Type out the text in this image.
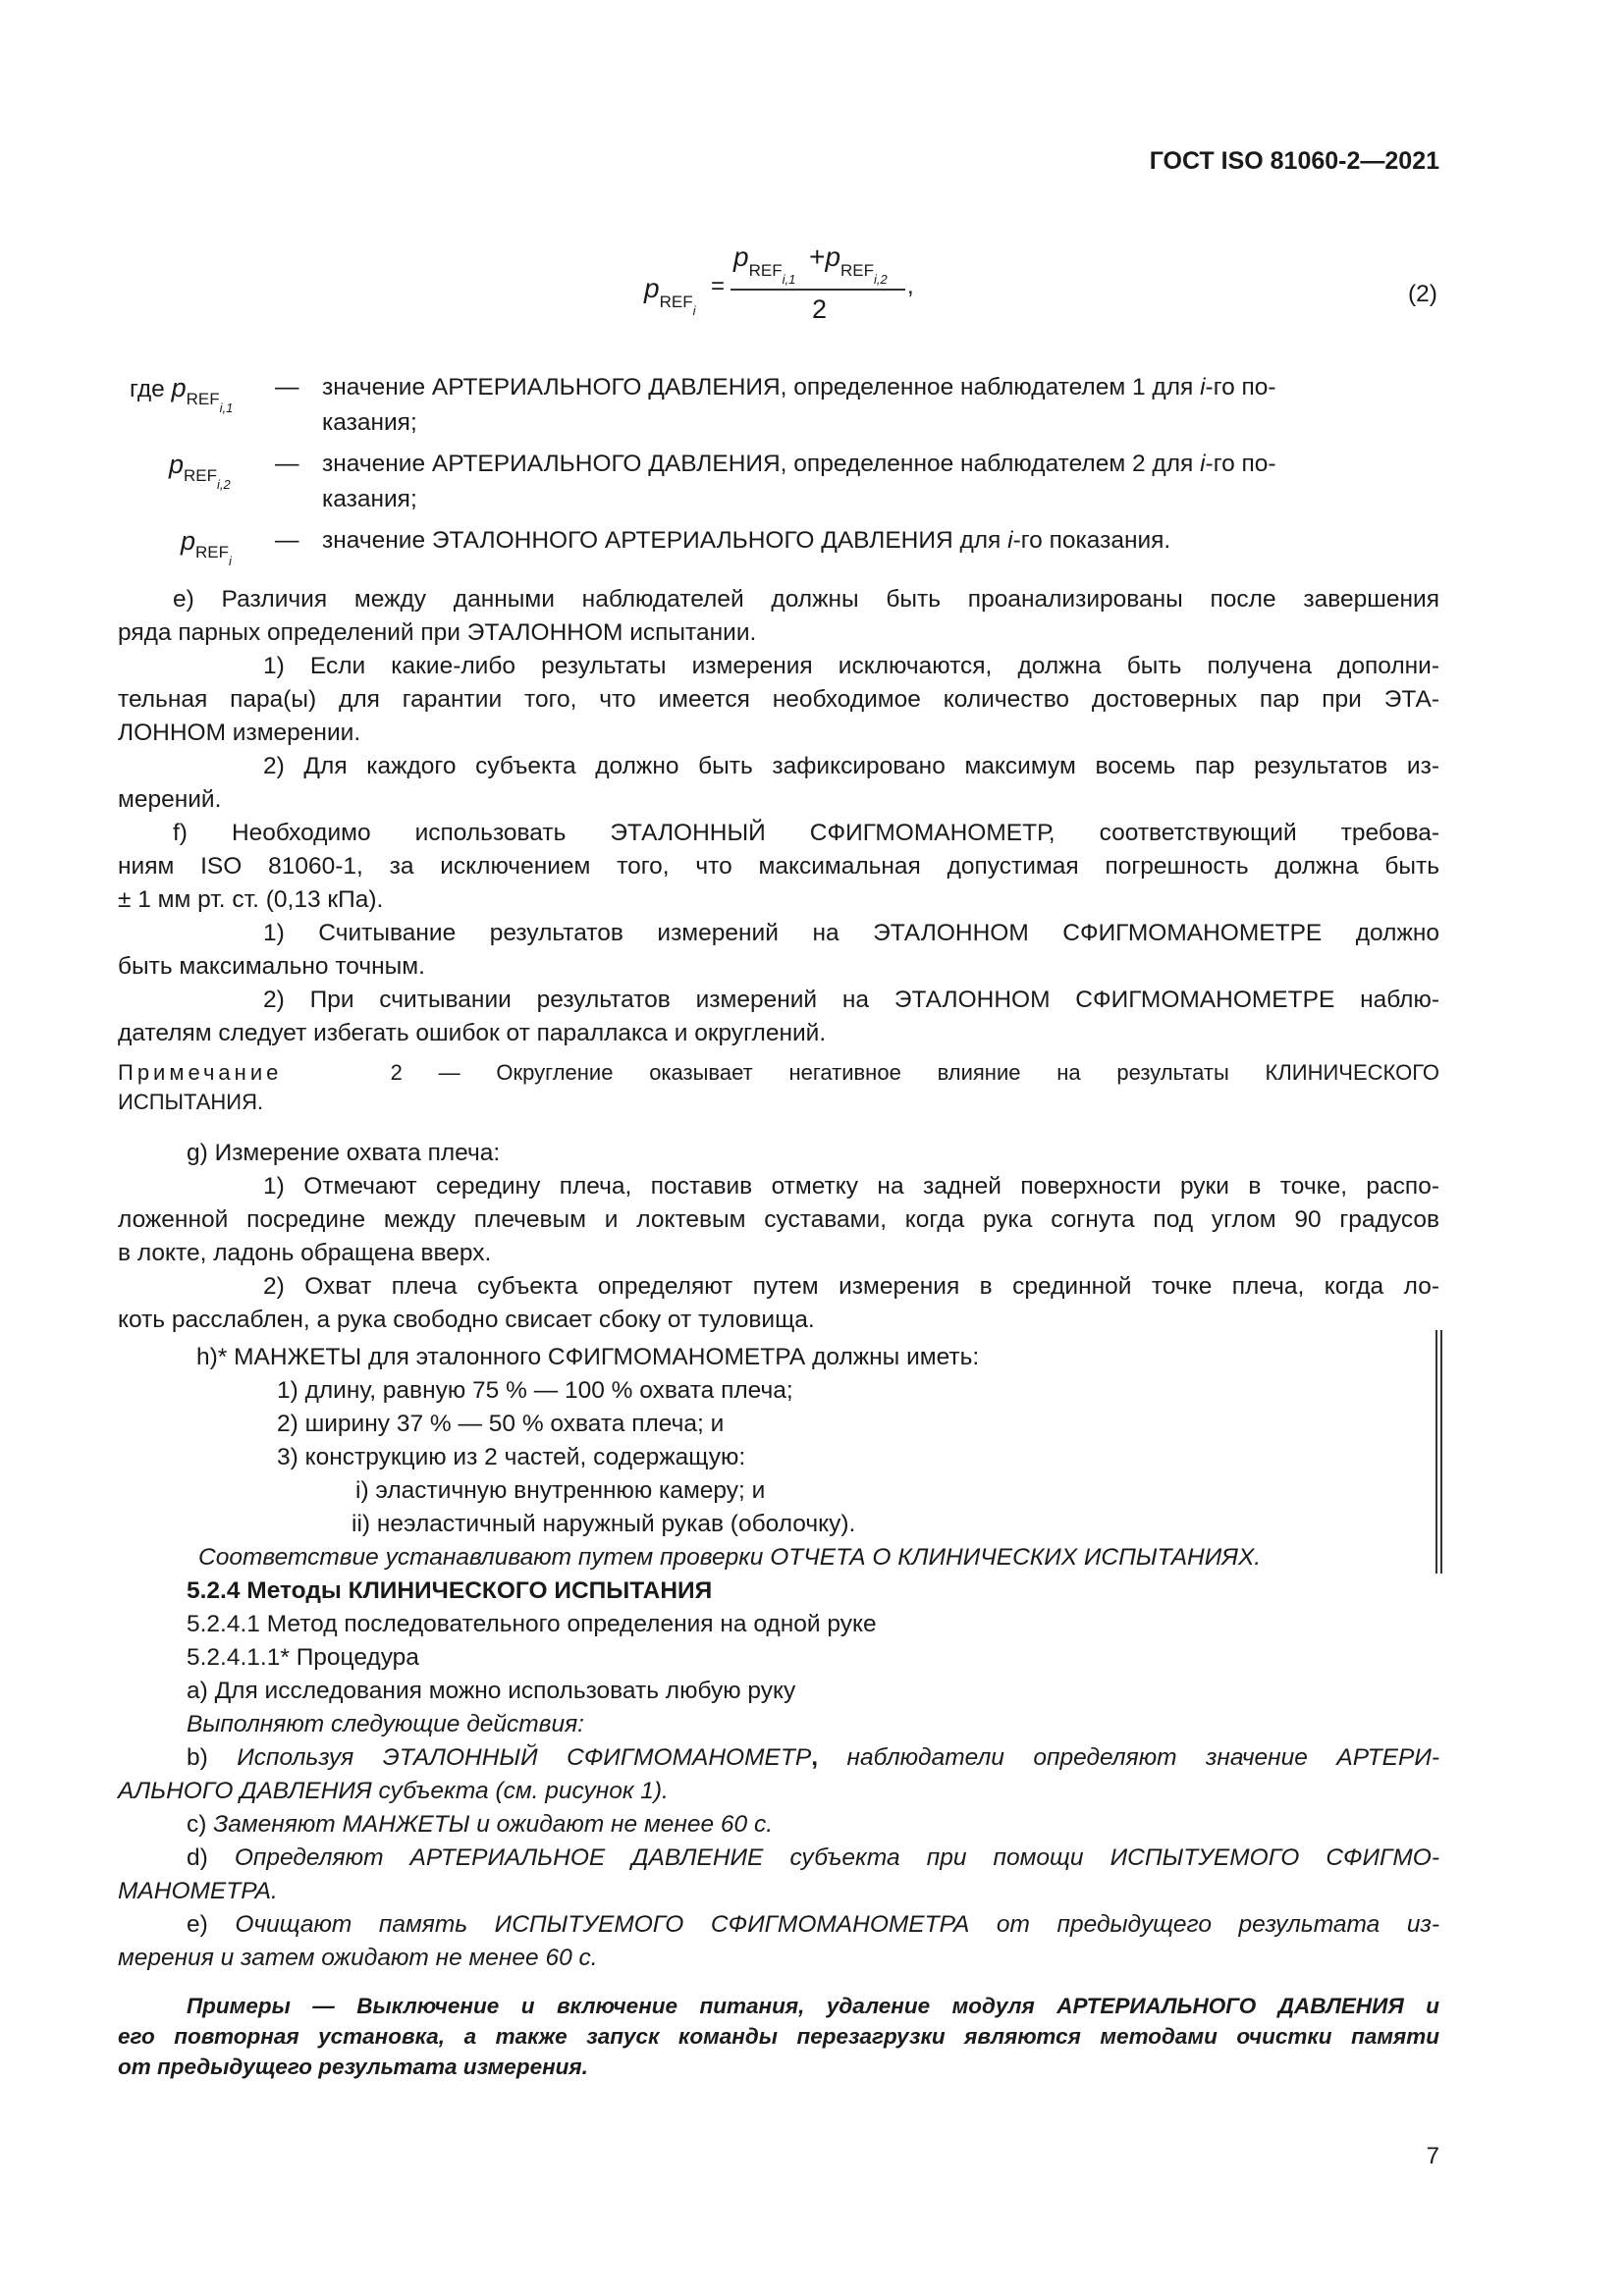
ГОСТ ISO 81060-2—2021
$p_{REFi,1} +p_{REFi,2}$
2
$p_{REFi}$
=	,	(2)
где $p_{REFi,1}$
— значение АРТЕРИАЛЬНОГО ДАВЛЕНИЯ, определенное наблюдателем 1 для i-го по-
казания;
$p_{REFi,2}$
— значение АРТЕРИАЛЬНОГО ДАВЛЕНИЯ, определенное наблюдателем 2 для i-го по-
казания;
$p_{REFi}$
— значение ЭТАЛОННОГО АРТЕРИАЛЬНОГО ДАВЛЕНИЯ для i-го показания.
e) Различия между данными наблюдателей должны быть проанализированы после завершения
ряда парных определений при ЭТАЛОННОМ испытании.
1) Если какие-либо результаты измерения исключаются, должна быть получена дополни-
тельная пара(ы) для гарантии того, что имеется необходимое количество достоверных пар при ЭТА-
ЛОННОМ измерении.
2) Для каждого субъекта должно быть зафиксировано максимум восемь пар результатов из-
мерений.
f) Необходимо использовать ЭТАЛОННЫЙ СФИГМОМАНОМЕТР, соответствующий требова-
ниям ISO 81060-1, за исключением того, что максимальная допустимая погрешность должна быть
± 1 мм рт. ст. (0,13 кПа).
1) Считывание результатов измерений на ЭТАЛОННОМ СФИГМОМАНОМЕТРЕ должно
быть максимально точным.
2) При считывании результатов измерений на ЭТАЛОННОМ СФИГМОМАНОМЕТРЕ наблю-
дателям следует избегать ошибок от параллакса и округлений.
Примечание	2 — Округление оказывает негативное влияние на результаты КЛИНИЧЕСКОГО
ИСПЫТАНИЯ.
g) Измерение охвата плеча:
1) Отмечают середину плеча, поставив отметку на задней поверхности руки в точке, распо-
ложенной посредине между плечевым и локтевым суставами, когда рука согнута под углом 90 градусов
в локте, ладонь обращена вверх.
2) Охват плеча субъекта определяют путем измерения в срединной точке плеча, когда ло-
коть расслаблен, а рука свободно свисает сбоку от туловища.
h)* МАНЖЕТЫ для эталонного СФИГМОМАНОМЕТРА должны иметь:
1) длину, равную 75 % — 100 % охвата плеча;
2) ширину 37 % — 50 % охвата плеча; и
3) конструкцию из 2 частей, содержащую:
i) эластичную внутреннюю камеру; и
ii) неэластичный наружный рукав (оболочку).
Соответствие устанавливают путем проверки ОТЧЕТА О КЛИНИЧЕСКИХ ИСПЫТАНИЯХ.
5.2.4 Методы КЛИНИЧЕСКОГО ИСПЫТАНИЯ
5.2.4.1 Метод последовательного определения на одной руке
5.2.4.1.1* Процедура
a) Для исследования можно использовать любую руку
Выполняют следующие действия:
b) Используя ЭТАЛОННЫЙ СФИГМОМАНОМЕТР, наблюдатели определяют значение АРТЕРИ-
АЛЬНОГО ДАВЛЕНИЯ субъекта (см. рисунок 1).
c) Заменяют МАНЖЕТЫ и ожидают не менее 60 с.
d) Определяют АРТЕРИАЛЬНОЕ ДАВЛЕНИЕ субъекта при помощи ИСПЫТУЕМОГО СФИГМО-
МАНОМЕТРА.
e) Очищают память ИСПЫТУЕМОГО СФИГМОМАНОМЕТРА от предыдущего результата из-
мерения и затем ожидают не менее 60 с.
Примеры — Выключение и включение питания, удаление модуля АРТЕРИАЛЬНОГО ДАВЛЕНИЯ и
его повторная установка, а также запуск команды перезагрузки являются методами очистки памяти
от предыдущего результата измерения.
7
